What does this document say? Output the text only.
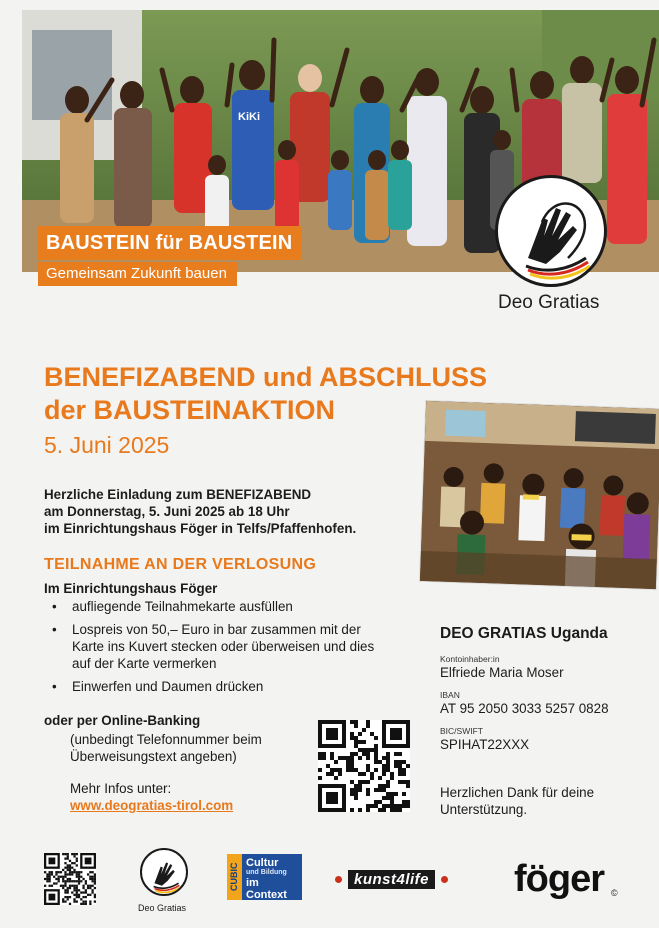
KiKi
BAUSTEIN für BAUSTEIN
Gemeinsam Zukunft bauen
Deo Gratias
BENEFIZABEND und ABSCHLUSS
der BAUSTEINAKTION
5. Juni 2025
Herzliche Einladung zum BENEFIZABEND
am Donnerstag, 5. Juni 2025 ab 18 Uhr
im Einrichtungshaus Föger in Telfs/Pfaffenhofen.
TEILNAHME AN DER VERLOSUNG
Im Einrichtungshaus Föger
• aufliegende Teilnahmekarte ausfüllen
• Lospreis von 50,– Euro in bar zusammen mit der Karte ins Kuvert stecken oder überweisen und dies auf der Karte vermerken
• Einwerfen und Daumen drücken
oder per Online-Banking
(unbedingt Telefonnummer beim Überweisungstext angeben)
Mehr Infos unter:
www.deogratias-tirol.com
DEO GRATIAS Uganda
Kontoinhaber:in
Elfriede Maria Moser
IBAN
AT 95 2050 3033 5257 0828
BIC/SWIFT
SPIHAT22XXX
Herzlichen Dank für deine Unterstützung.
Deo Gratias
CUBIC Cultur
und Bildung
im Context
kunst4life föger ©
